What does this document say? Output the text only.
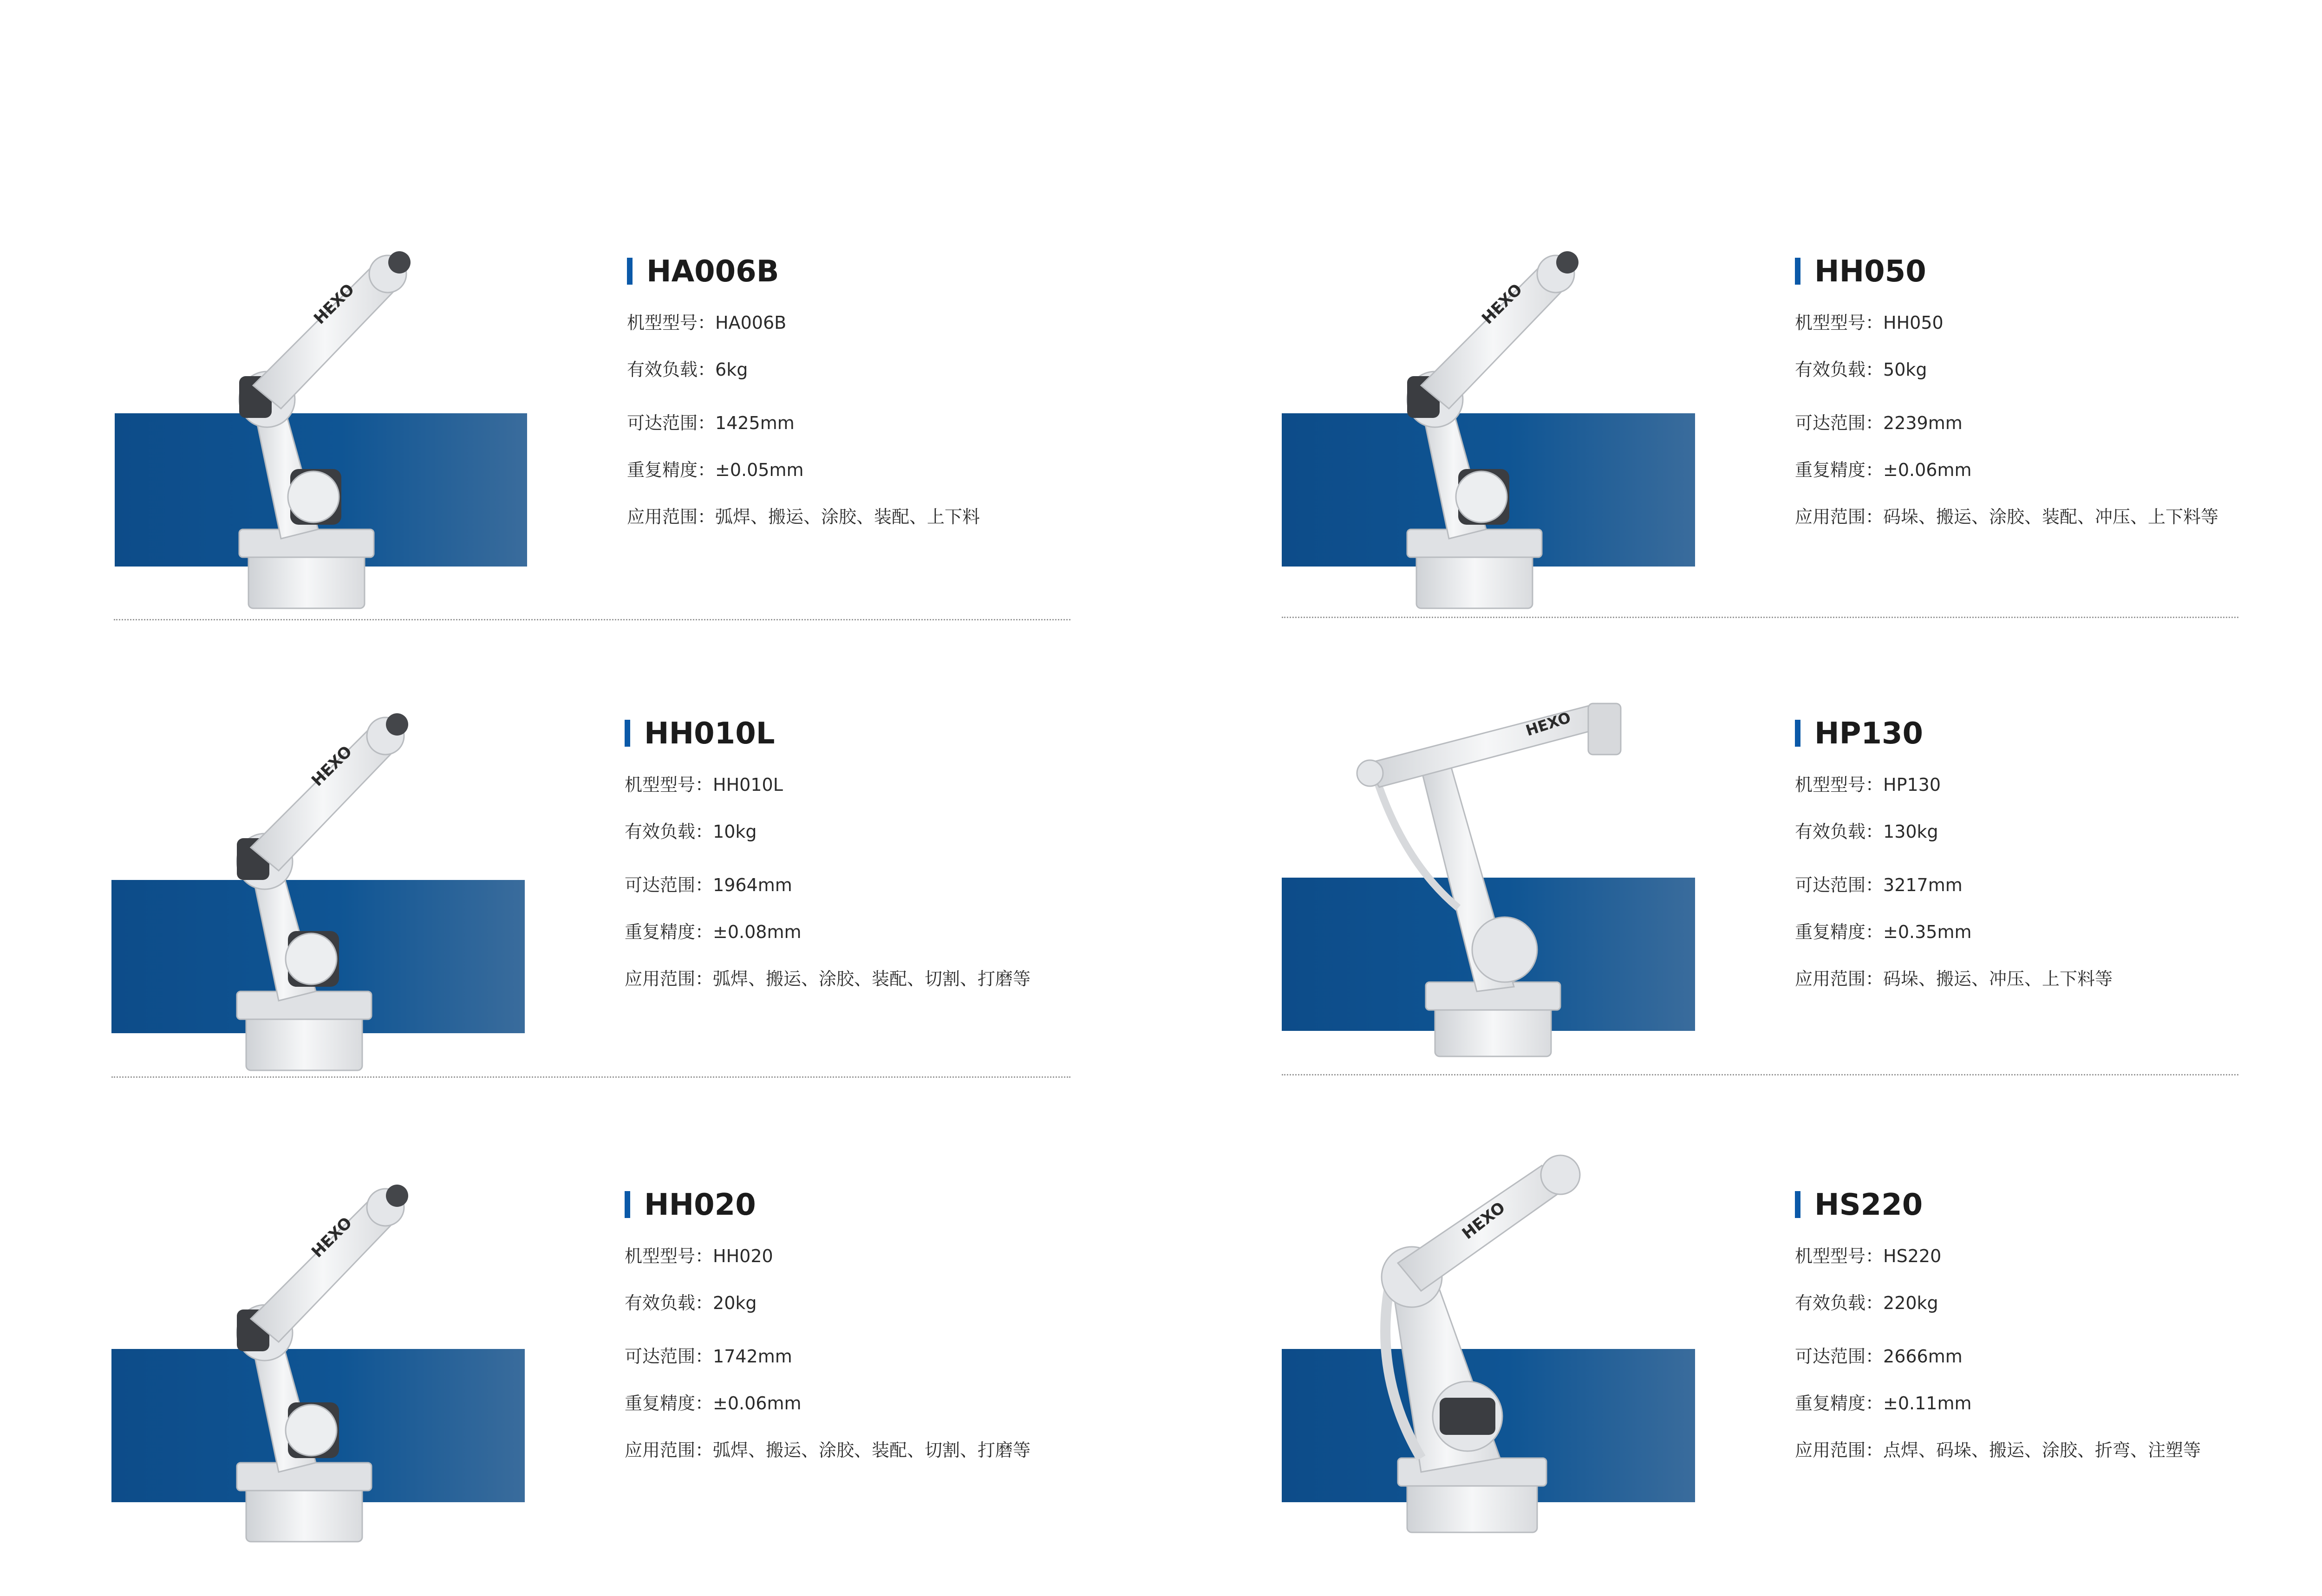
HA006B
机型型号： HA006B
有效负载： 6kg
可达范围： 1425mm
重复精度： ±0.05mm
应用范围： 弧焊、搬运、涂胶、装配、上下料
HH050
机型型号： HH050
有效负载： 50kg
可达范围： 2239mm
重复精度： ±0.06mm
应用范围： 码垛、搬运、涂胶、装配、冲压、上下料等
HH010L
机型型号： HH010L
有效负载： 10kg
可达范围： 1964mm
重复精度： ±0.08mm
应用范围： 弧焊、搬运、涂胶、装配、切割、打磨等
HEXO	HP130
机型型号： HP130
有效负载： 130kg
可达范围： 3217mm
重复精度： ±0.35mm
应用范围： 码垛、搬运、冲压、上下料等
HH020
机型型号： HH020
有效负载： 20kg
可达范围： 1742mm
重复精度： ±0.06mm
应用范围： 弧焊、搬运、涂胶、装配、切割、打磨等
HEXO	HS220
机型型号： HS220
有效负载： 220kg
可达范围： 2666mm
重复精度： ±0.11mm
应用范围： 点焊、码垛、搬运、涂胶、折弯、注塑等
